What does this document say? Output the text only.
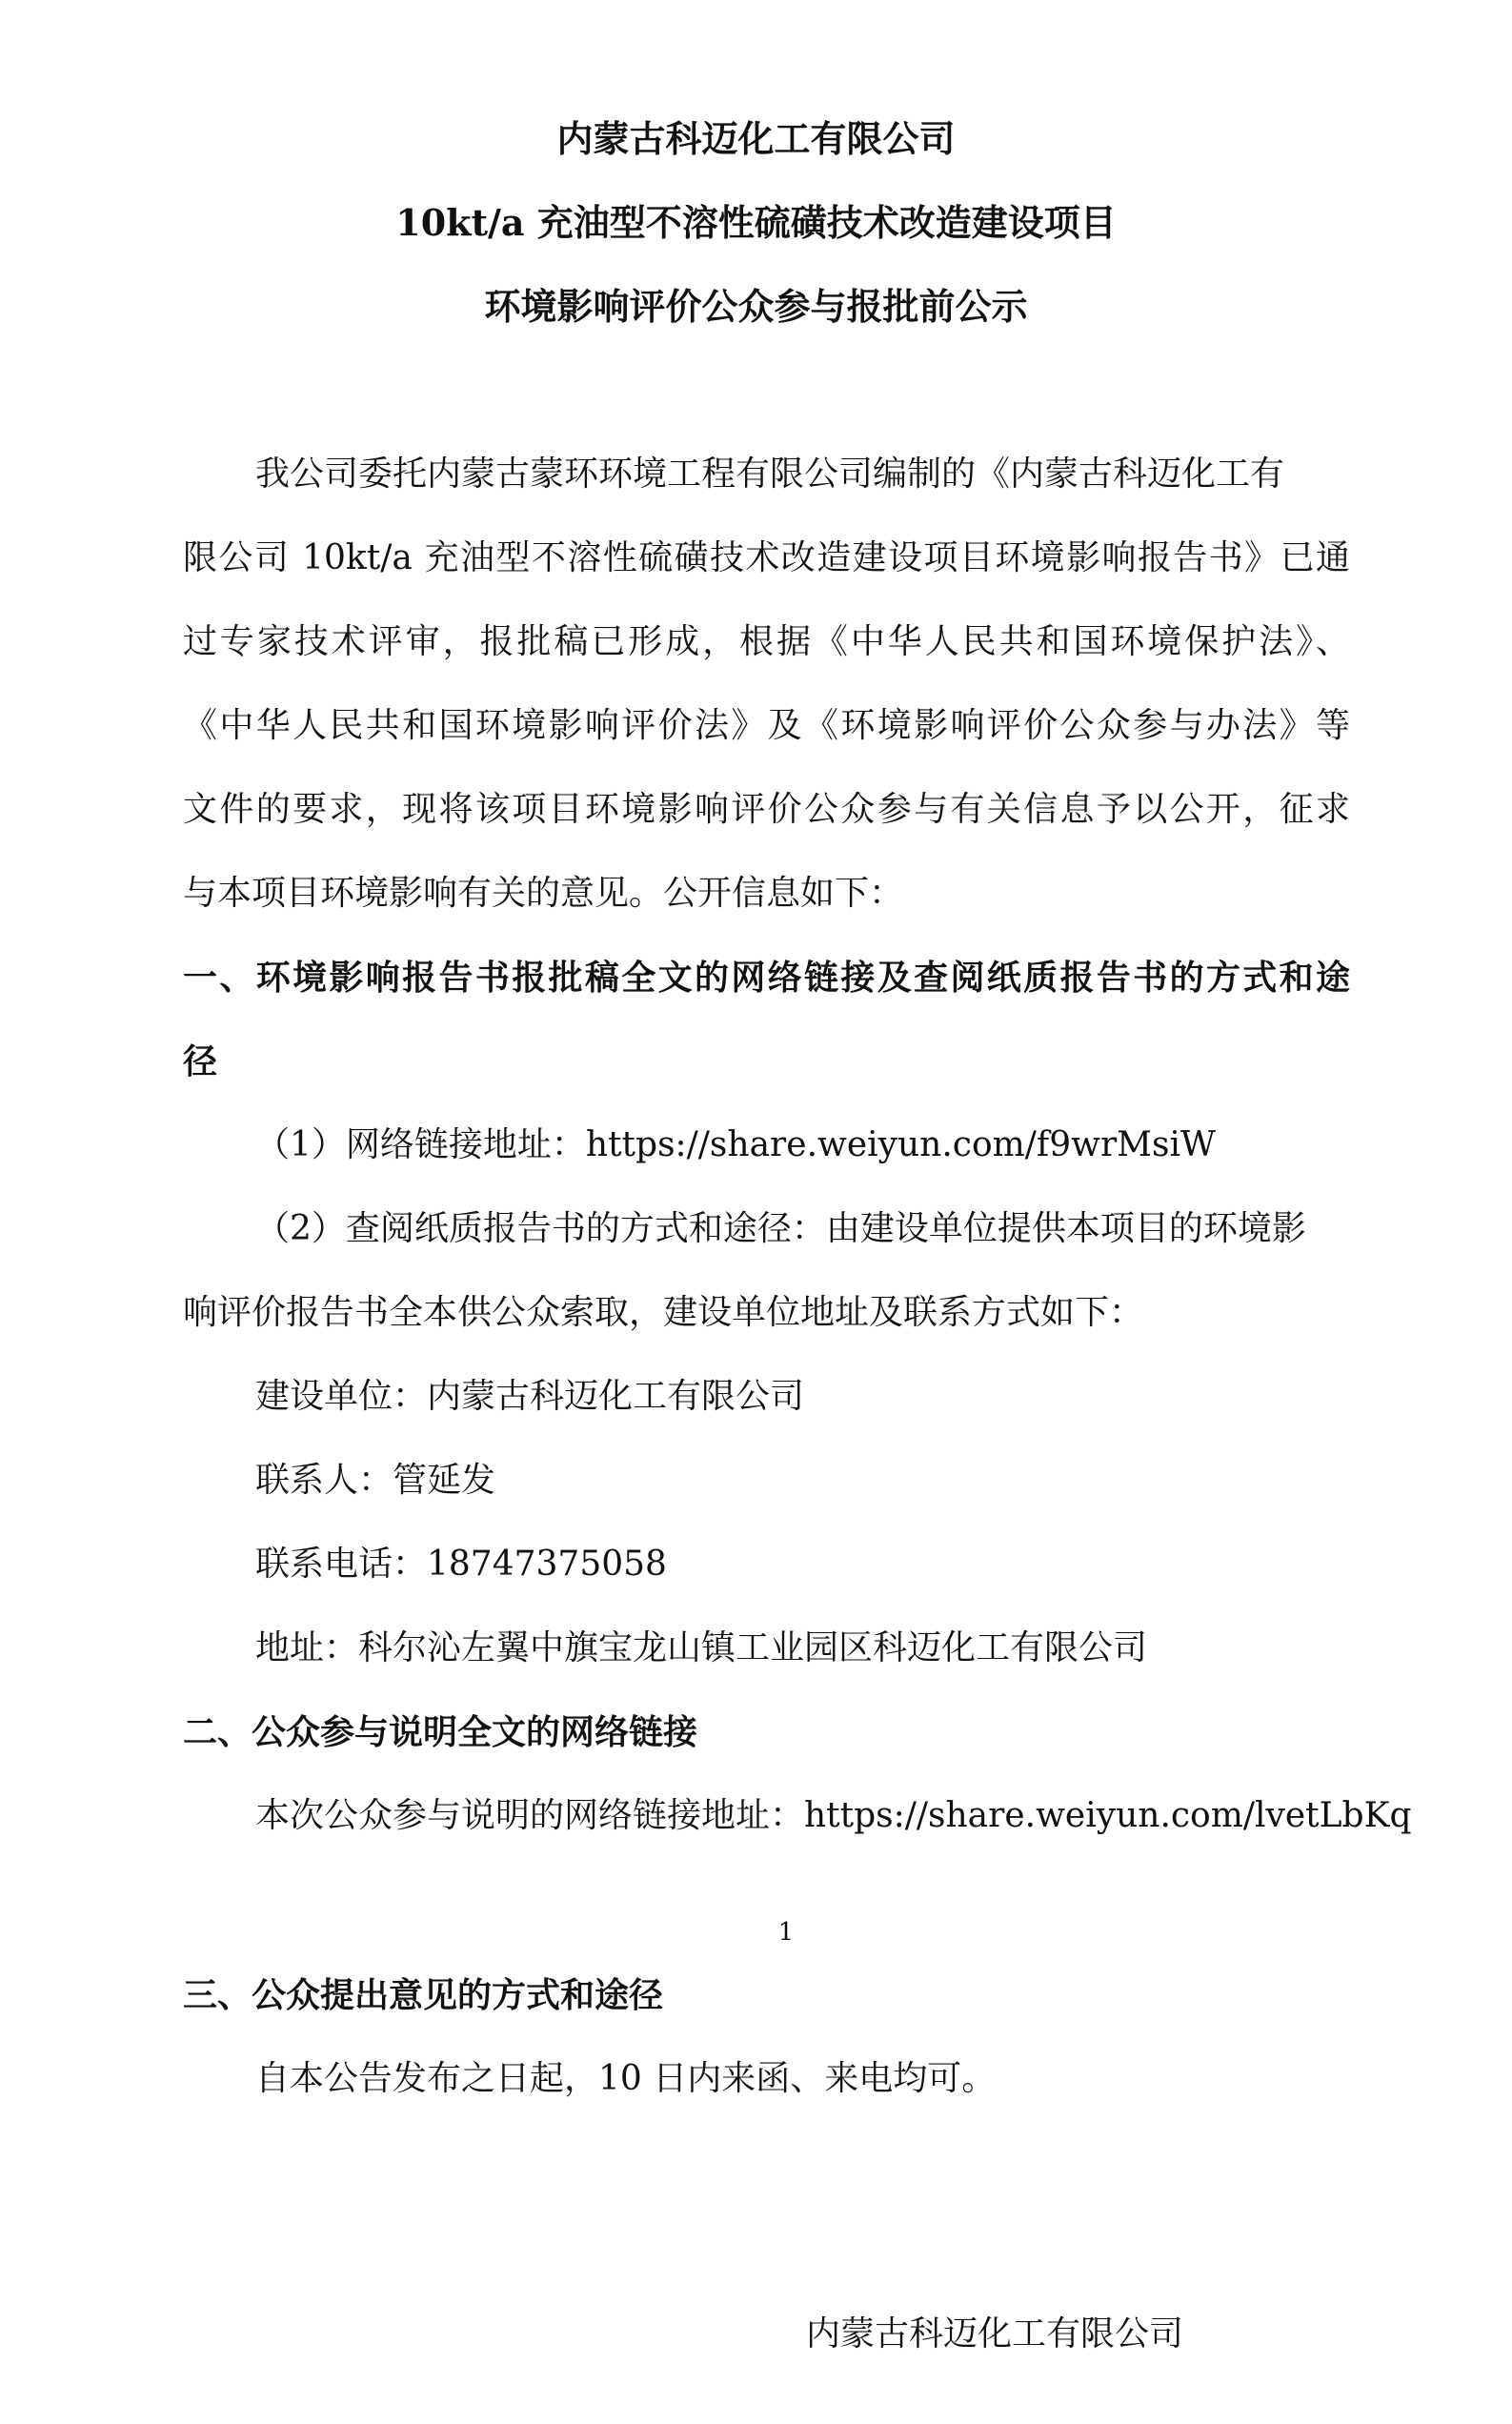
内蒙古科迈化工有限公司
10kt/a 充油型不溶性硫磺技术改造建设项目
环境影响评价公众参与报批前公示
我公司委托内蒙古蒙环环境工程有限公司编制的《内蒙古科迈化工有
限公司 10kt/a 充油型不溶性硫磺技术改造建设项目环境影响报告书》已通
过专家技术评审，报批稿已形成，根据《中华人民共和国环境保护法》、
《中华人民共和国环境影响评价法》及《环境影响评价公众参与办法》等
文件的要求，现将该项目环境影响评价公众参与有关信息予以公开，征求
与本项目环境影响有关的意见。公开信息如下：
一、环境影响报告书报批稿全文的网络链接及查阅纸质报告书的方式和途
径
（1）网络链接地址：https://share.weiyun.com/f9wrMsiW
（2）查阅纸质报告书的方式和途径：由建设单位提供本项目的环境影
响评价报告书全本供公众索取，建设单位地址及联系方式如下：
建设单位：内蒙古科迈化工有限公司
联系人：管延发
联系电话：18747375058
地址：科尔沁左翼中旗宝龙山镇工业园区科迈化工有限公司
二、公众参与说明全文的网络链接
本次公众参与说明的网络链接地址：https://share.weiyun.com/lvetLbKq
1
三、公众提出意见的方式和途径
自本公告发布之日起，10 日内来函、来电均可。
内蒙古科迈化工有限公司
